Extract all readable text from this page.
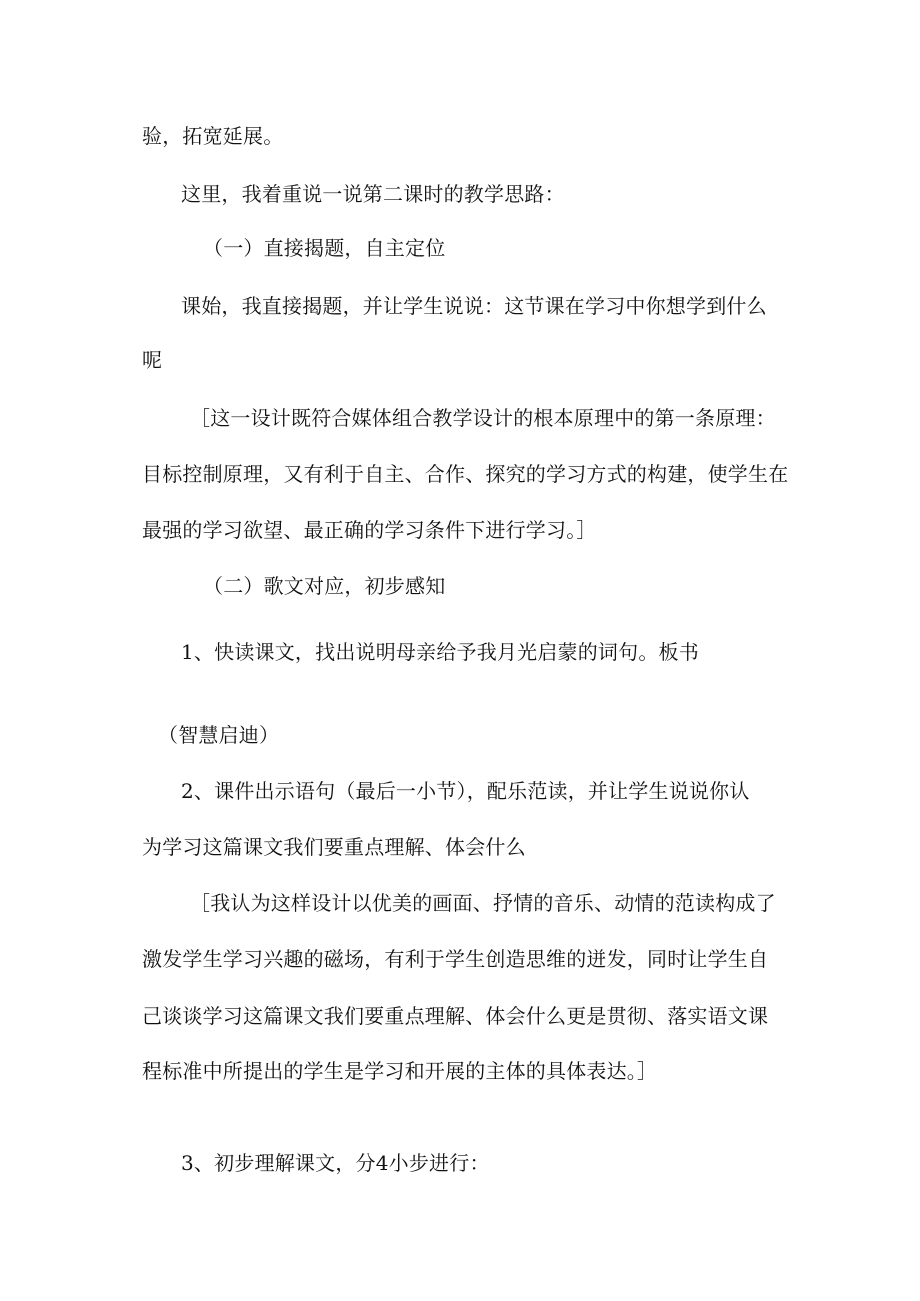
验，拓宽延展。
这里，我着重说一说第二课时的教学思路：
（一）直接揭题，自主定位
课始，我直接揭题，并让学生说说：这节课在学习中你想学到什么
呢
［这一设计既符合媒体组合教学设计的根本原理中的第一条原理：
目标控制原理，又有利于自主、合作、探究的学习方式的构建，使学生在
最强的学习欲望、最正确的学习条件下进行学习。］
（二）歌文对应，初步感知
1、快读课文，找出说明母亲给予我月光启蒙的词句。板书
（智慧启迪）
2、课件出示语句（最后一小节），配乐范读，并让学生说说你认
为学习这篇课文我们要重点理解、体会什么
［我认为这样设计以优美的画面、抒情的音乐、动情的范读构成了
激发学生学习兴趣的磁场，有利于学生创造思维的迸发，同时让学生自
己谈谈学习这篇课文我们要重点理解、体会什么更是贯彻、落实语文课
程标准中所提出的学生是学习和开展的主体的具体表达。］
3、初步理解课文，分4小步进行：
